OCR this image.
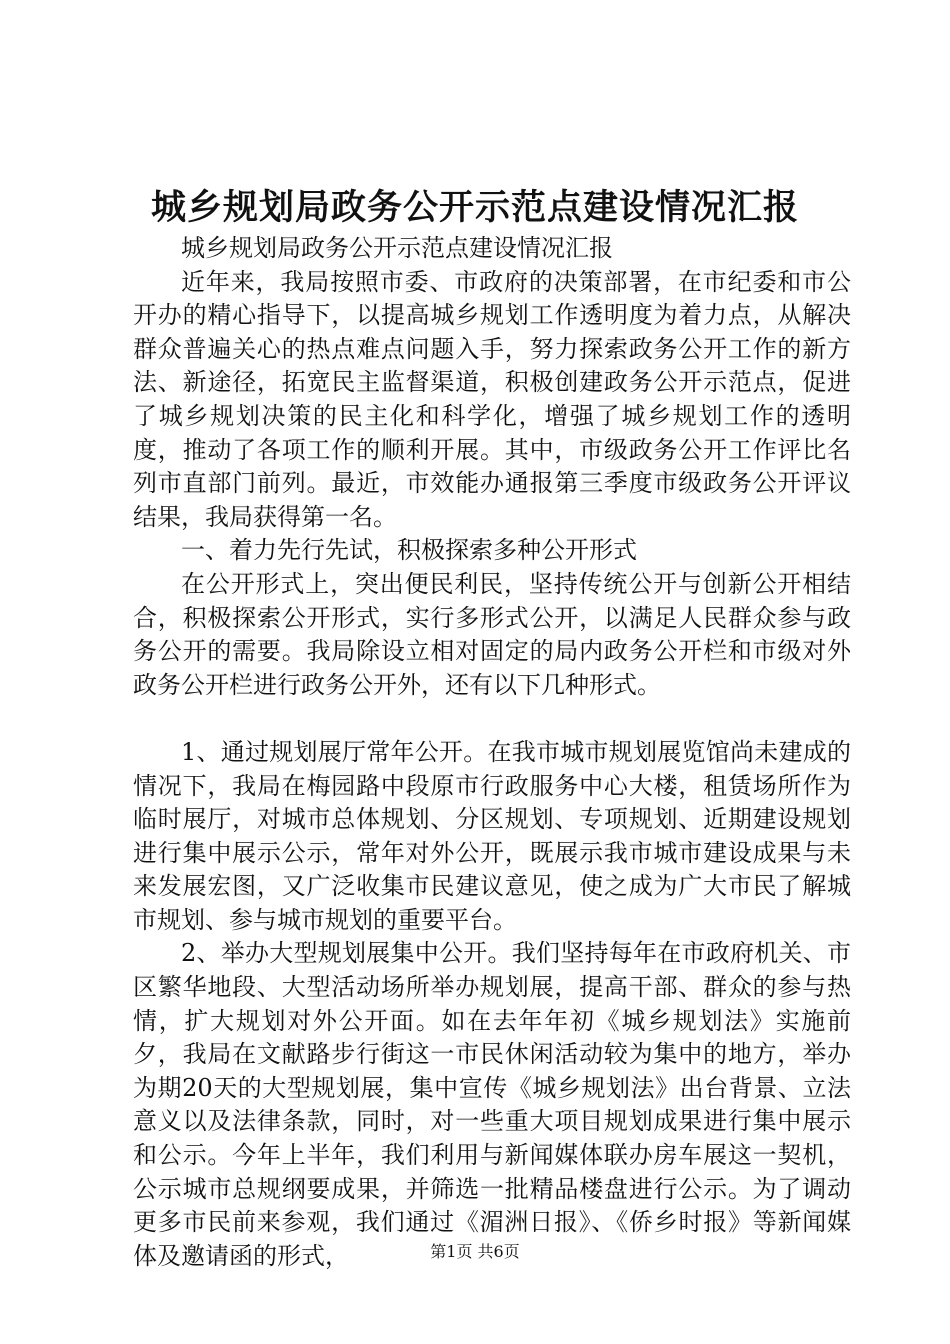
城乡规划局政务公开示范点建设情况汇报

城乡规划局政务公开示范点建设情况汇报

近年来，我局按照市委、市政府的决策部署，在市纪委和市公开办的精心指导下，以提高城乡规划工作透明度为着力点，从解决群众普遍关心的热点难点问题入手，努力探索政务公开工作的新方法、新途径，拓宽民主监督渠道，积极创建政务公开示范点，促进了城乡规划决策的民主化和科学化，增强了城乡规划工作的透明度，推动了各项工作的顺利开展。其中，市级政务公开工作评比名列市直部门前列。最近，市效能办通报第三季度市级政务公开评议结果，我局获得第一名。

一、着力先行先试，积极探索多种公开形式

在公开形式上，突出便民利民，坚持传统公开与创新公开相结合，积极探索公开形式，实行多形式公开，以满足人民群众参与政务公开的需要。我局除设立相对固定的局内政务公开栏和市级对外政务公开栏进行政务公开外，还有以下几种形式。

1、通过规划展厅常年公开。在我市城市规划展览馆尚未建成的情况下，我局在梅园路中段原市行政服务中心大楼，租赁场所作为临时展厅，对城市总体规划、分区规划、专项规划、近期建设规划进行集中展示公示，常年对外公开，既展示我市城市建设成果与未来发展宏图，又广泛收集市民建议意见，使之成为广大市民了解城市规划、参与城市规划的重要平台。

2、举办大型规划展集中公开。我们坚持每年在市政府机关、市区繁华地段、大型活动场所举办规划展，提高干部、群众的参与热情，扩大规划对外公开面。如在去年年初《城乡规划法》实施前夕，我局在文献路步行街这一市民休闲活动较为集中的地方，举办为期20天的大型规划展，集中宣传《城乡规划法》出台背景、立法意义以及法律条款，同时，对一些重大项目规划成果进行集中展示和公示。今年上半年，我们利用与新闻媒体联办房车展这一契机，公示城市总规纲要成果，并筛选一批精品楼盘进行公示。为了调动更多市民前来参观，我们通过《湄洲日报》、《侨乡时报》等新闻媒体及邀请函的形式，	第1页 共6页
